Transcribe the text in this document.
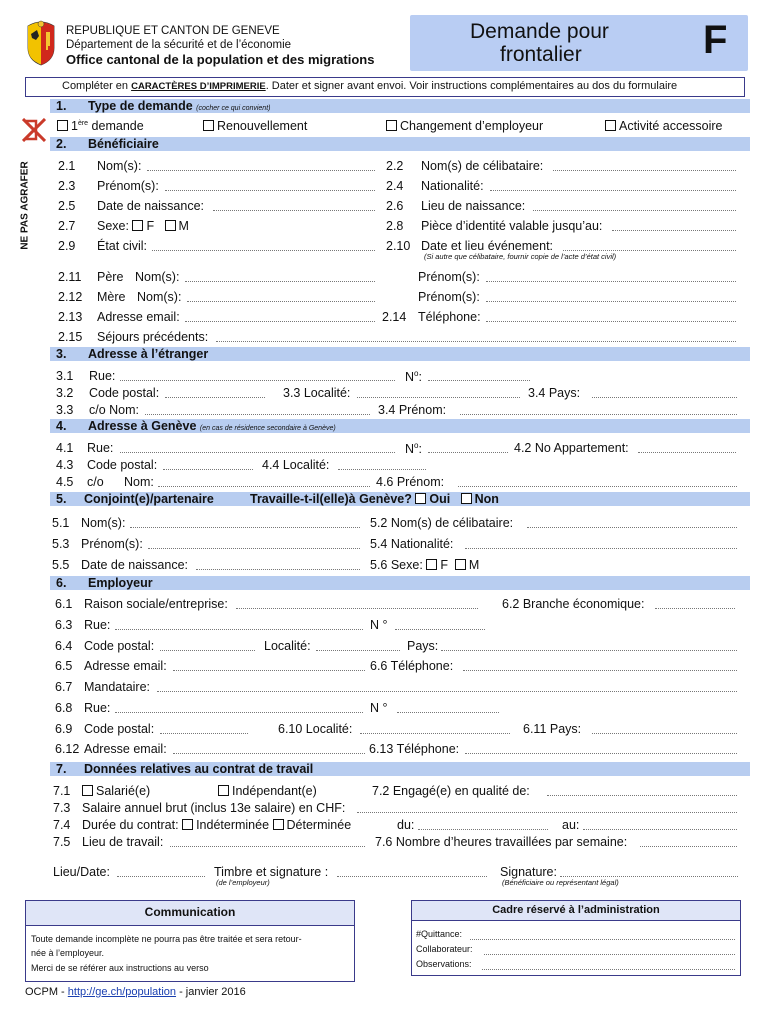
REPUBLIQUE ET CANTON DE GENEVE
Département de la sécurité et de l’économie
Office cantonal de la population et des migrations
Demande pour
frontalier	F
Compléter en CARACTÈRES D’IMPRIMERIE. Dater et signer avant envoi. Voir instructions complémentaires au dos du formulaire
NE PAS AGRAFER
1. Type de demande (cocher ce qui convient)
1ère demande	Renouvellement	Changement d’employeur	Activité accessoire
2. Bénéficiaire
2.1 Nom(s):	2.2 Nom(s) de célibataire:
2.3 Prénom(s):	2.4 Nationalité:
2.5 Date de naissance:	2.6 Lieu de naissance:
2.7 Sexe: F M	2.8 Pièce d’identité valable jusqu’au:
2.9 État civil:	2.10 Date et lieu événement:
(Si autre que célibataire, fournir copie de l’acte d’état civil)
2.11 Père Nom(s):	Prénom(s):
2.12 Mère Nom(s):	Prénom(s):
2.13 Adresse email:	2.14 Téléphone:
2.15 Séjours précédents:
3. Adresse à l’étranger
3.1 Rue:	$N^o$:
3.2 Code postal:	3.3 Localité:	3.4 Pays:
3.3 c/o Nom:	3.4 Prénom:
4. Adresse à Genève (en cas de résidence secondaire à Genève)
4.1 Rue:	$N^o$:	4.2 No Appartement:
4.3 Code postal:	4.4 Localité:
4.5 c/o Nom:	4.6 Prénom:
5. Conjoint(e)/partenaire	Travaille-t-il(elle)à Genève? Oui Non
5.1 Nom(s):	5.2 Nom(s) de célibataire:
5.3 Prénom(s):	5.4 Nationalité:
5.5 Date de naissance:	5.6 Sexe: F M
6. Employeur
6.1 Raison sociale/entreprise:	6.2 Branche économique:
6.3 Rue:	N °
6.4 Code postal:	Localité:	Pays:
6.5 Adresse email:	6.6 Téléphone:
6.7 Mandataire:
6.8 Rue:	N °
6.9 Code postal:	6.10 Localité:	6.11 Pays:
6.12 Adresse email:	6.13 Téléphone:
7. Données relatives au contrat de travail
7.1	Salarié(e)	Indépendant(e)	7.2 Engagé(e) en qualité de:
7.3 Salaire annuel brut (inclus 13e salaire) en CHF:
7.4 Durée du contrat: Indéterminée Déterminée	du:	au:
7.5 Lieu de travail:	7.6 Nombre d’heures travaillées par semaine:
Lieu/Date:	Timbre et signature :
(de l’employeur)
Signature:
(Bénéficiaire ou représentant légal)
Communication
Toute demande incomplète ne pourra pas être traitée et sera retour-
née à l’employeur.
Merci de se référer aux instructions au verso
Cadre réservé à l’administration
#Quittance:
Collaborateur:
Observations:
OCPM - http://ge.ch/population - janvier 2016
